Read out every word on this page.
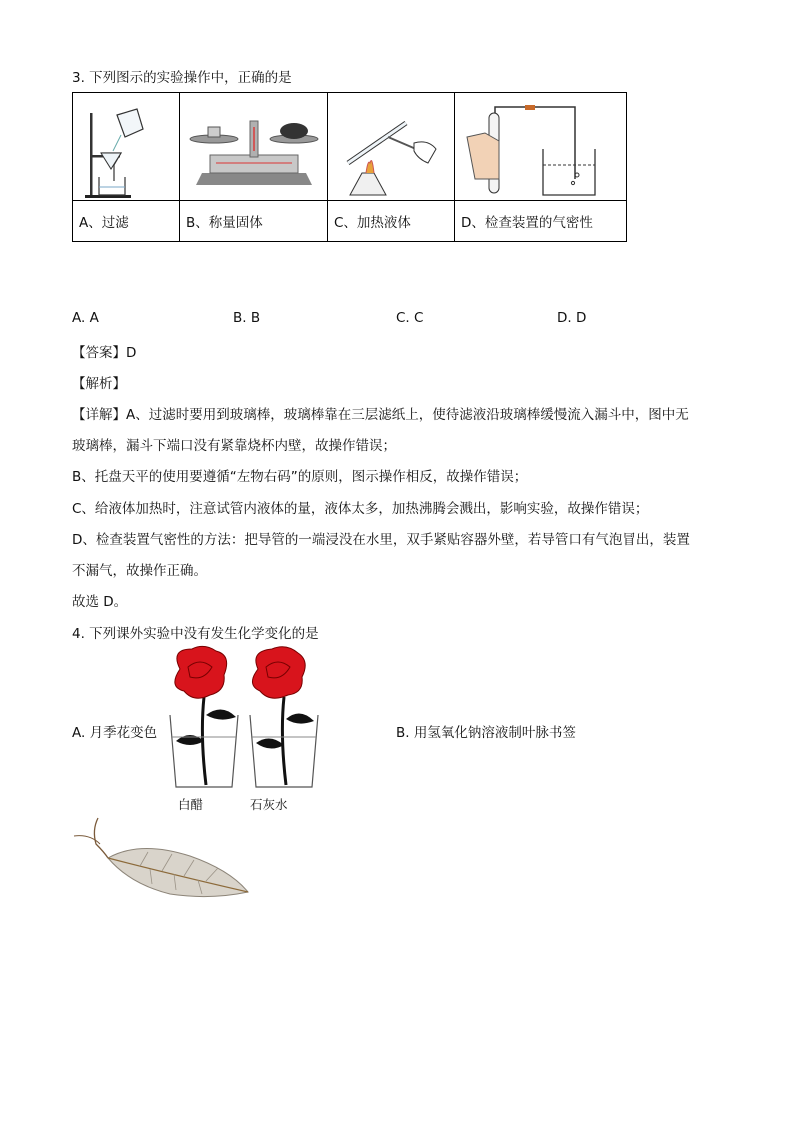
3. 下列图示的实验操作中，正确的是

A、过滤	B、称量固体	C、加热液体	D、检查装置的气密性
A. A	B. B	C. C	D. D
【答案】D
【解析】
【详解】A、过滤时要用到玻璃棒，玻璃棒靠在三层滤纸上，使待滤液沿玻璃棒缓慢流入漏斗中，图中无
玻璃棒，漏斗下端口没有紧靠烧杯内壁，故操作错误；
B、托盘天平的使用要遵循“左物右码”的原则，图示操作相反，故操作错误；
C、给液体加热时，注意试管内液体的量，液体太多，加热沸腾会溅出，影响实验，故操作错误；
D、检查装置气密性的方法：把导管的一端浸没在水里，双手紧贴容器外壁，若导管口有气泡冒出，装置
不漏气，故操作正确。
故选 D。
4. 下列课外实验中没有发生化学变化的是
A. 月季花变色	B. 用氢氧化钠溶液制叶脉书签
白醋	石灰水
